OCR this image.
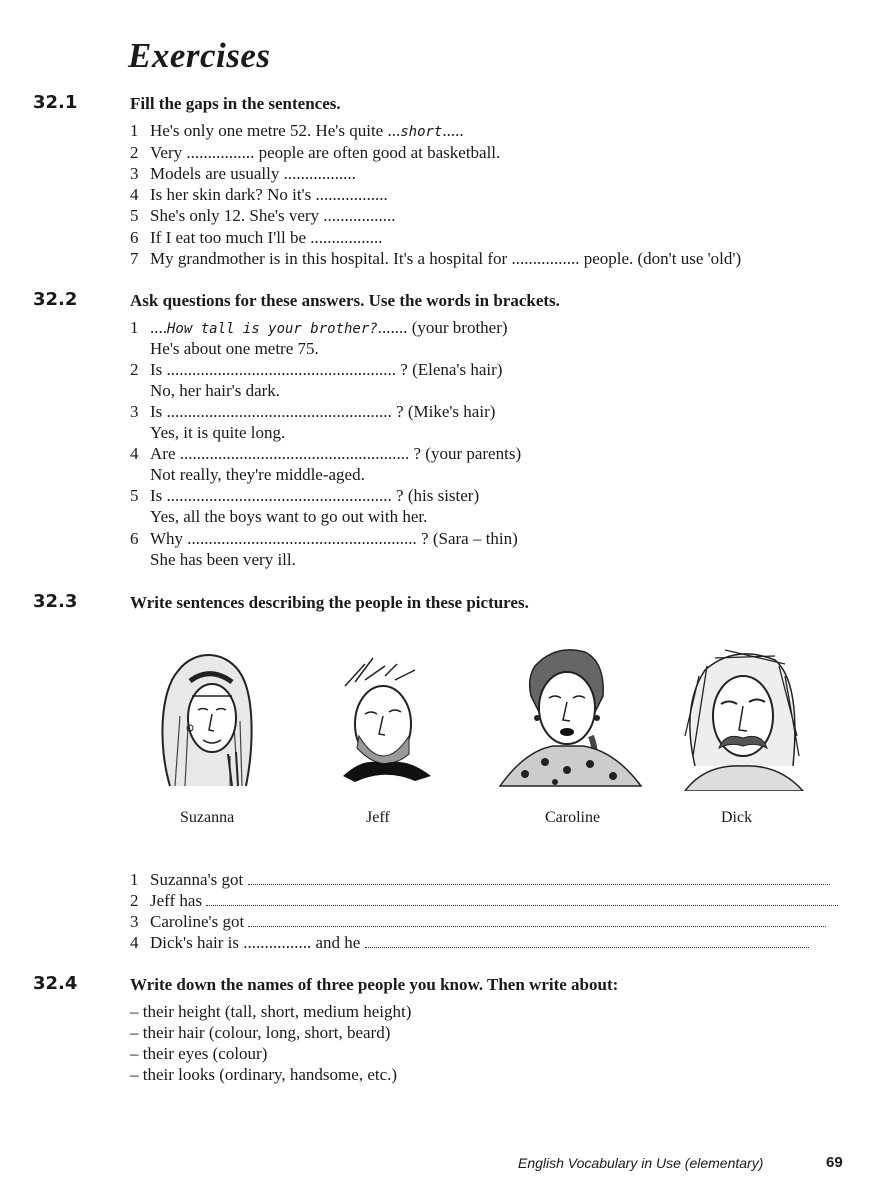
Exercises
32.1	Fill the gaps in the sentences.
1 He's only one metre 52. He's quite ...short.....
2 Very ................ people are often good at basketball.
3 Models are usually .................
4 Is her skin dark? No it's .................
5 She's only 12. She's very .................
6 If I eat too much I'll be .................
7 My grandmother is in this hospital. It's a hospital for ................ people. (don't use 'old')
32.2	Ask questions for these answers. Use the words in brackets.
1 ....How tall is your brother?....... (your brother)
He's about one metre 75.
2 Is ...................................................... ? (Elena's hair)
No, her hair's dark.
3 Is ..................................................... ? (Mike's hair)
Yes, it is quite long.
4 Are ...................................................... ? (your parents)
Not really, they're middle-aged.
5 Is ..................................................... ? (his sister)
Yes, all the boys want to go out with her.
6 Why ...................................................... ? (Sara – thin)
She has been very ill.
32.3	Write sentences describing the people in these pictures.
Suzanna	Jeff	Caroline	Dick
1 Suzanna's got
2 Jeff has
3 Caroline's got
4 Dick's hair is ................ and he
32.4	Write down the names of three people you know. Then write about:
– their height (tall, short, medium height)
– their hair (colour, long, short, beard)
– their eyes (colour)
– their looks (ordinary, handsome, etc.)
English Vocabulary in Use (elementary)	69
